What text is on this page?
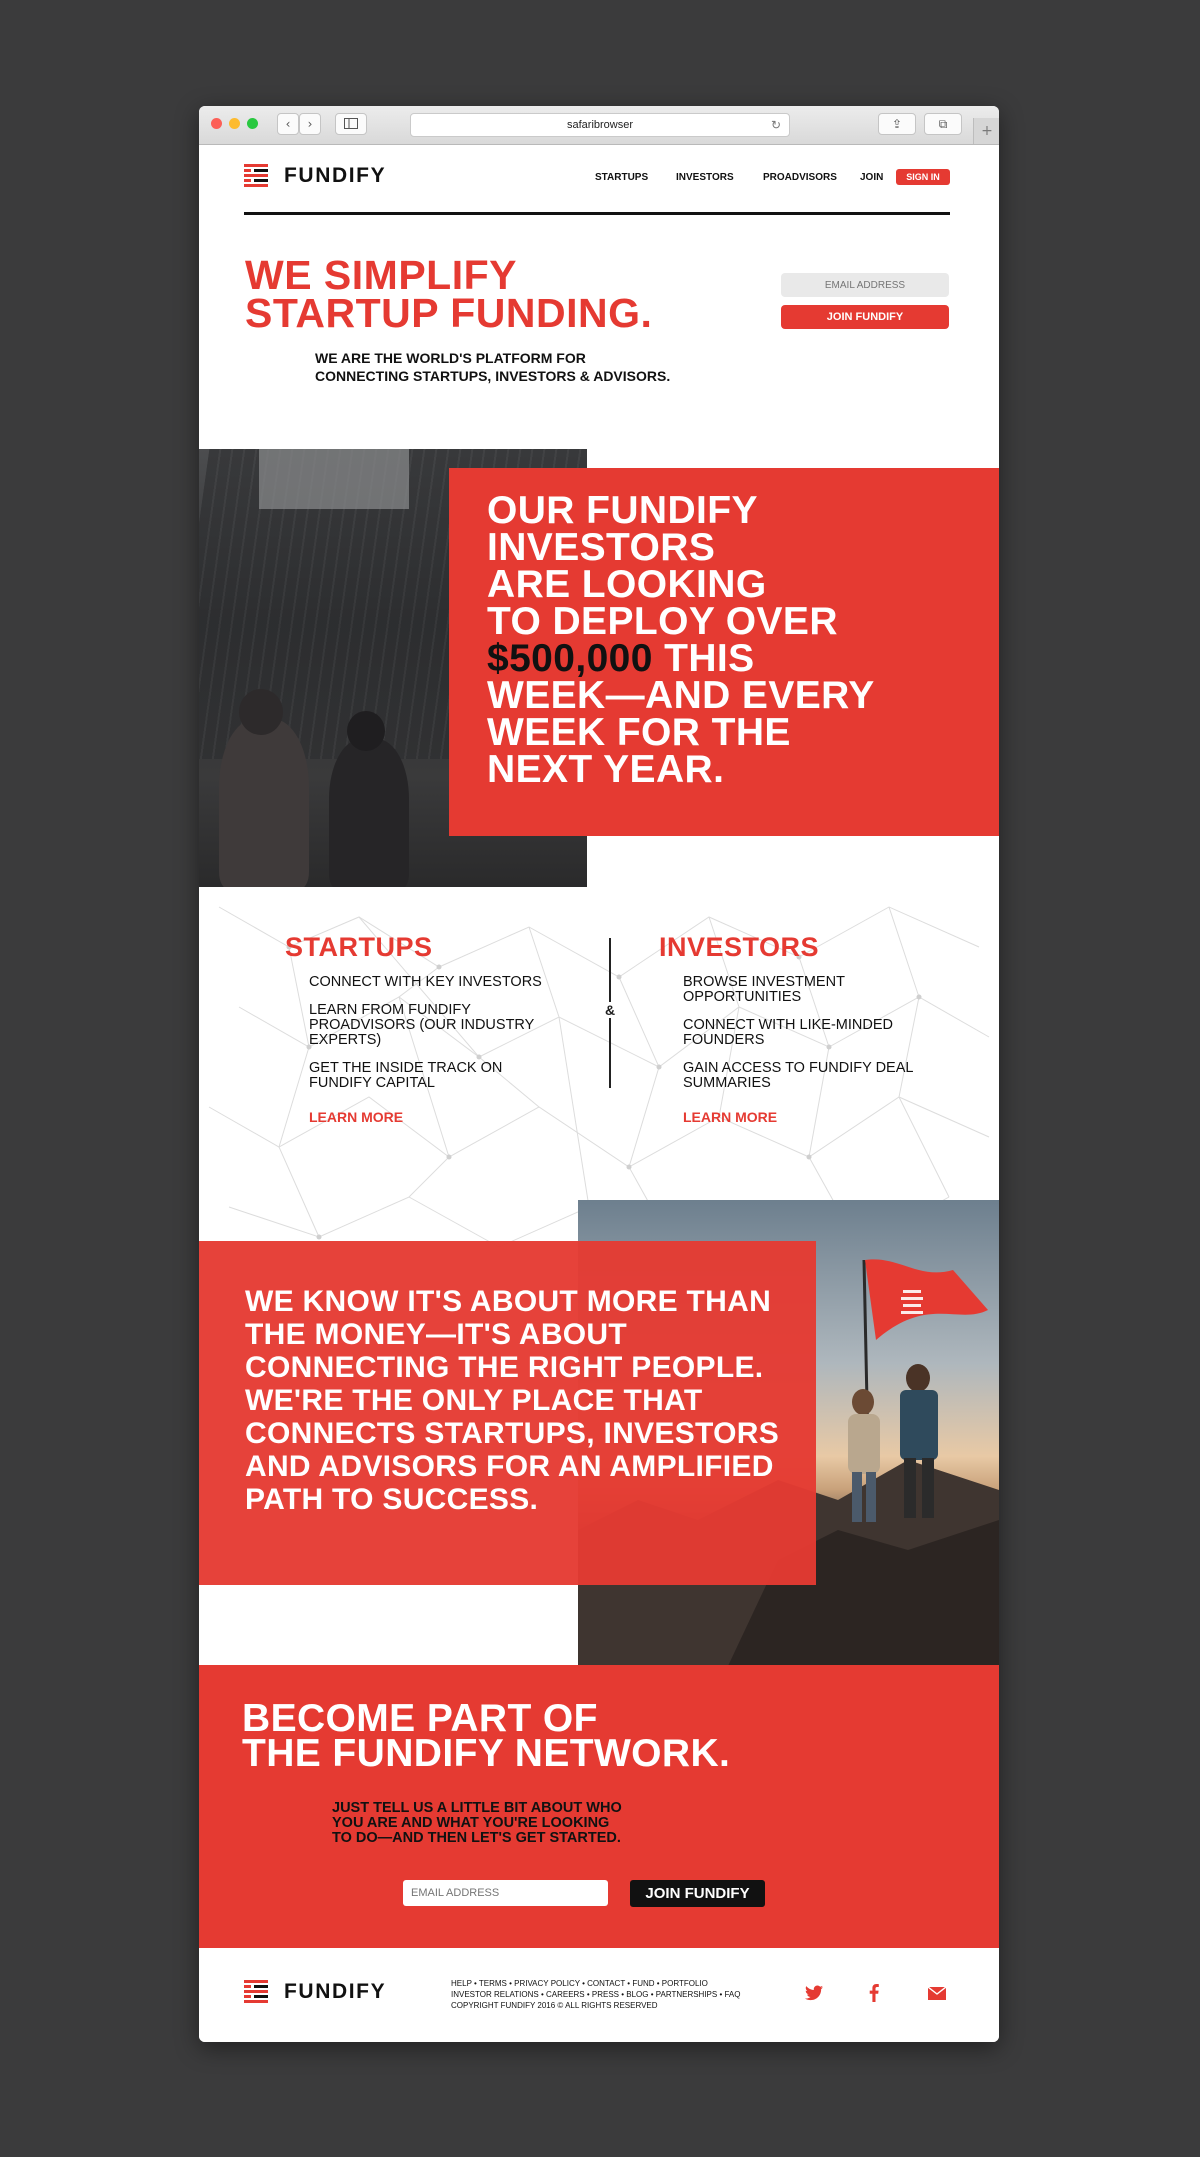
‹	›	safaribrowser	↻	⇪	⧉	+
FUNDIFY	STARTUPS	INVESTORS	PROADVISORS JOIN	SIGN IN
WE SIMPLIFY
STARTUP FUNDING.
WE ARE THE WORLD'S PLATFORM FOR
CONNECTING STARTUPS, INVESTORS & ADVISORS.
EMAIL ADDRESS
JOIN FUNDIFY
OUR FUNDIFY
INVESTORS
ARE LOOKING
TO DEPLOY OVER
$500,000 THIS
WEEK—AND EVERY
WEEK FOR THE
NEXT YEAR.
STARTUPS
CONNECT WITH KEY INVESTORS
LEARN FROM FUNDIFY PROADVISORS (OUR INDUSTRY EXPERTS)
GET THE INSIDE TRACK ON FUNDIFY CAPITAL
LEARN MORE
&
INVESTORS
BROWSE INVESTMENT OPPORTUNITIES
CONNECT WITH LIKE-MINDED FOUNDERS
GAIN ACCESS TO FUNDIFY DEAL SUMMARIES
LEARN MORE
WE KNOW IT'S ABOUT MORE THAN THE MONEY—IT'S ABOUT CONNECTING THE RIGHT PEOPLE. WE'RE THE ONLY PLACE THAT CONNECTS STARTUPS, INVESTORS AND ADVISORS FOR AN AMPLIFIED PATH TO SUCCESS.
BECOME PART OF
THE FUNDIFY NETWORK.
JUST TELL US A LITTLE BIT ABOUT WHO
YOU ARE AND WHAT YOU'RE LOOKING
TO DO—AND THEN LET'S GET STARTED.
EMAIL ADDRESS
JOIN FUNDIFY
FUNDIFY	HELP • TERMS • PRIVACY POLICY • CONTACT • FUND • PORTFOLIO
INVESTOR RELATIONS • CAREERS • PRESS • BLOG • PARTNERSHIPS • FAQ
COPYRIGHT FUNDIFY 2016 © ALL RIGHTS RESERVED
